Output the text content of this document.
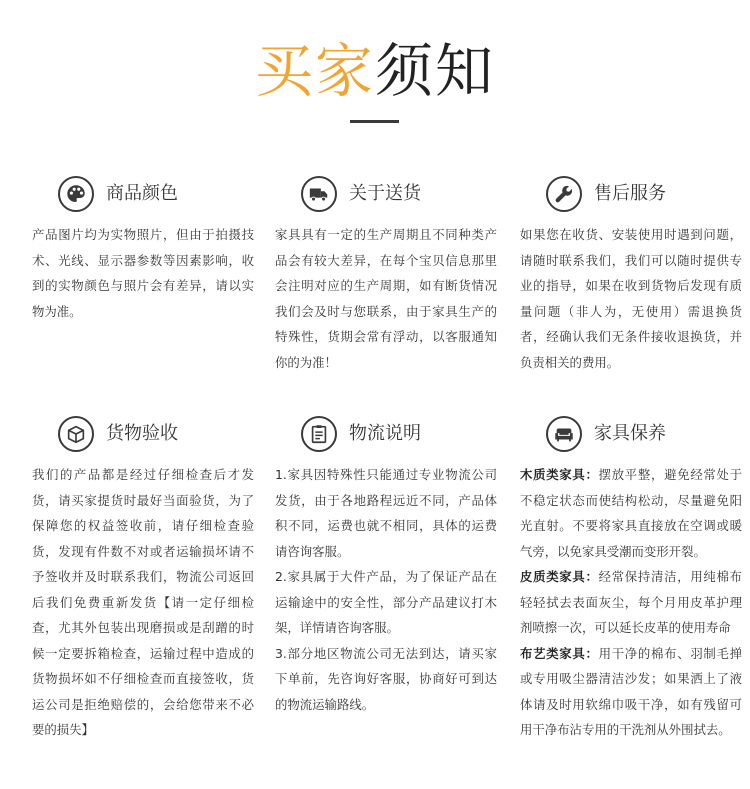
买家须知
商品颜色

产品图片均为实物照片，但由于拍摄技术、光线、显示器参数等因素影响，收到的实物颜色与照片会有差异，请以实物为准。

关于送货

家具具有一定的生产周期且不同种类产品会有较大差异，在每个宝贝信息那里会注明对应的生产周期，如有断货情况我们会及时与您联系，由于家具生产的特殊性，货期会常有浮动，以客服通知你的为准！

售后服务

如果您在收货、安装使用时遇到问题，请随时联系我们，我们可以随时提供专业的指导，如果在收到货物后发现有质量问题（非人为，无使用）需退换货者，经确认我们无条件接收退换货，并负责相关的费用。

货物验收

我们的产品都是经过仔细检查后才发货，请买家提货时最好当面验货，为了保障您的权益签收前，请仔细检查验货，发现有件数不对或者运输损坏请不予签收并及时联系我们，物流公司返回后我们免费重新发货【请一定仔细检查，尤其外包装出现磨损或是刮蹭的时候一定要拆箱检查，运输过程中造成的货物损坏如不仔细检查而直接签收，货运公司是拒绝赔偿的，会给您带来不必要的损失】

物流说明

1.家具因特殊性只能通过专业物流公司发货，由于各地路程远近不同，产品体积不同，运费也就不相同，具体的运费请咨询客服。

2.家具属于大件产品，为了保证产品在运输途中的安全性，部分产品建议打木架，详情请咨询客服。

3.部分地区物流公司无法到达，请买家下单前，先咨询好客服，协商好可到达的物流运输路线。

家具保养

木质类家具：摆放平整，避免经常处于不稳定状态而使结构松动，尽量避免阳光直射。不要将家具直接放在空调或暖气旁，以免家具受潮而变形开裂。

皮质类家具：经常保持清洁，用纯棉布轻轻拭去表面灰尘，每个月用皮革护理剂喷擦一次，可以延长皮革的使用寿命

布艺类家具：用干净的棉布、羽制毛掸或专用吸尘器清洁沙发；如果洒上了液体请及时用软绵巾吸干净，如有残留可用干净布沾专用的干洗剂从外围拭去。
